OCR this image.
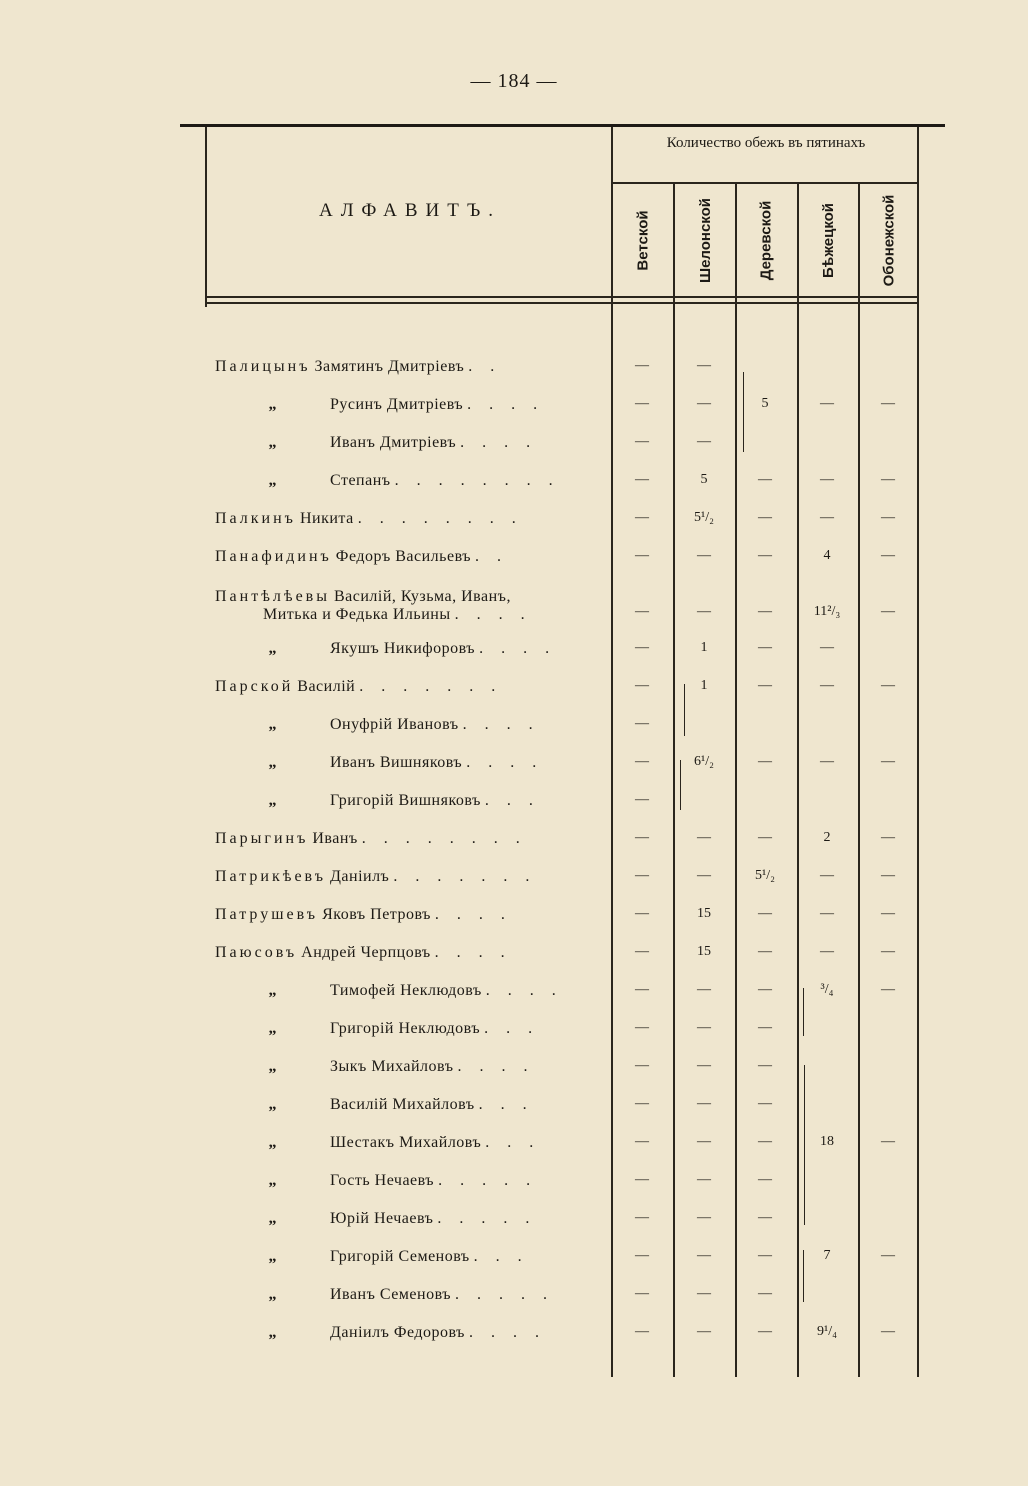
— 184 —
АЛФАВИТЪ.
Количество обежъ въ пятинахъ
Ветской	Шелонской	Деревской	Бѣжецкой	Обонежской
Палицынъ Замятинъ Дмитріевъ . .	—	—
„	Русинъ Дмитріевъ . . . .	—	—	5	—	—
„	Иванъ Дмитріевъ . . . .	—	—
„	Степанъ . . . . . . . .	—	5	—	—	—
Палкинъ Никита . . . . . . . .	—	5¹/₂	—	—	—
Панафидинъ Федоръ Васильевъ . .	—	—	—	4	—
Пантѣлѣевы Василій, Кузьма, Иванъ,
Митька и Федька Ильины . . . .	—	—	—	11²/₃	—
„	Якушъ Никифоровъ . . . .	—	1	—	—
Парской Василій . . . . . . .	—	1	—	—	—
„	Онуфрій Ивановъ . . . .	—
„	Иванъ Вишняковъ . . . .	—	6¹/₂	—	—	—
„	Григорій Вишняковъ . . .	—
Парыгинъ Иванъ . . . . . . . .	—	—	—	2	—
Патрикѣевъ Даніилъ . . . . . . .	—	—	5¹/₂	—	—
Патрушевъ Яковъ Петровъ . . . .	—	15	—	—	—
Паюсовъ Андрей Черпцовъ . . . .	—	15	—	—	—
„	Тимофей Неклюдовъ . . . .	—	—	—	³/₄	—
„	Григорій Неклюдовъ . . .	—	—	—
„	Зыкъ Михайловъ . . . .	—	—	—
„	Василій Михайловъ . . .	—	—	—
„	Шестакъ Михайловъ . . .	—	—	—	18	—
„	Гость Нечаевъ . . . . .	—	—	—
„	Юрій Нечаевъ . . . . .	—	—	—
„	Григорій Семеновъ . . .	—	—	—	7	—
„	Иванъ Семеновъ . . . . .	—	—	—
„	Даніилъ Федоровъ . . . .	—	—	—	9¹/₄	—
